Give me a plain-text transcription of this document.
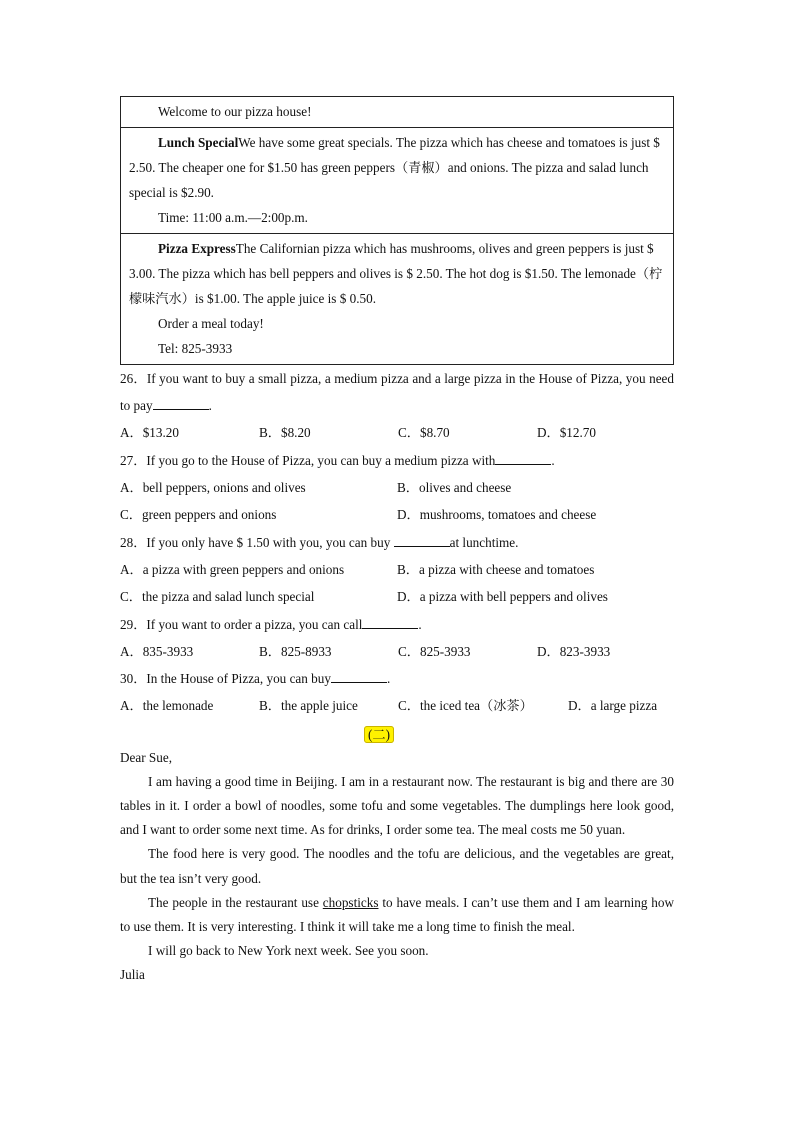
Welcome to our pizza house!

Lunch SpecialWe have some great specials. The pizza which has cheese and tomatoes is just $ 2.50. The cheaper one for $1.50 has green peppers（青椒）and onions. The pizza and salad lunch special is $2.90.

Time: 11:00 a.m.—2:00p.m.

Pizza ExpressThe Californian pizza which has mushrooms, olives and green peppers is just $ 3.00. The pizza which has bell peppers and olives is $ 2.50. The hot dog is $1.50. The lemonade（柠檬味汽水）is $1.00. The apple juice is $ 0.50.

Order a meal today!

Tel: 825-3933

26．If you want to buy a small pizza, a medium pizza and a large pizza in the House of Pizza, you need to pay	.

A．$13.20	B．$8.20	C．$8.70	D．$12.70

27．If you go to the House of Pizza, you can buy a medium pizza with	.

A．bell peppers, onions and olives	B．olives and cheese
C．green peppers and onions	D．mushrooms, tomatoes and cheese

28．If you only have $ 1.50 with you, you can buy	at lunchtime.

A．a pizza with green peppers and onions	B．a pizza with cheese and tomatoes
C．the pizza and salad lunch special	D．a pizza with bell peppers and olives

29．If you want to order a pizza, you can call	.

A．835-3933	B．825-8933	C．825-3933	D．823-3933

30．In the House of Pizza, you can buy	.

A．the lemonade	B．the apple juice	C．the iced tea（冰茶）	D．a large pizza

(二)

Dear Sue,

I am having a good time in Beijing. I am in a restaurant now. The restaurant is big and there are 30 tables in it. I order a bowl of noodles, some tofu and some vegetables. The dumplings here look good, and I want to order some next time. As for drinks, I order some tea. The meal costs me 50 yuan.

The food here is very good. The noodles and the tofu are delicious, and the vegetables are great, but the tea isn’t very good.

The people in the restaurant use chopsticks to have meals. I can’t use them and I am learning how to use them. It is very interesting. I think it will take me a long time to finish the meal.

I will go back to New York next week. See you soon.

Julia
